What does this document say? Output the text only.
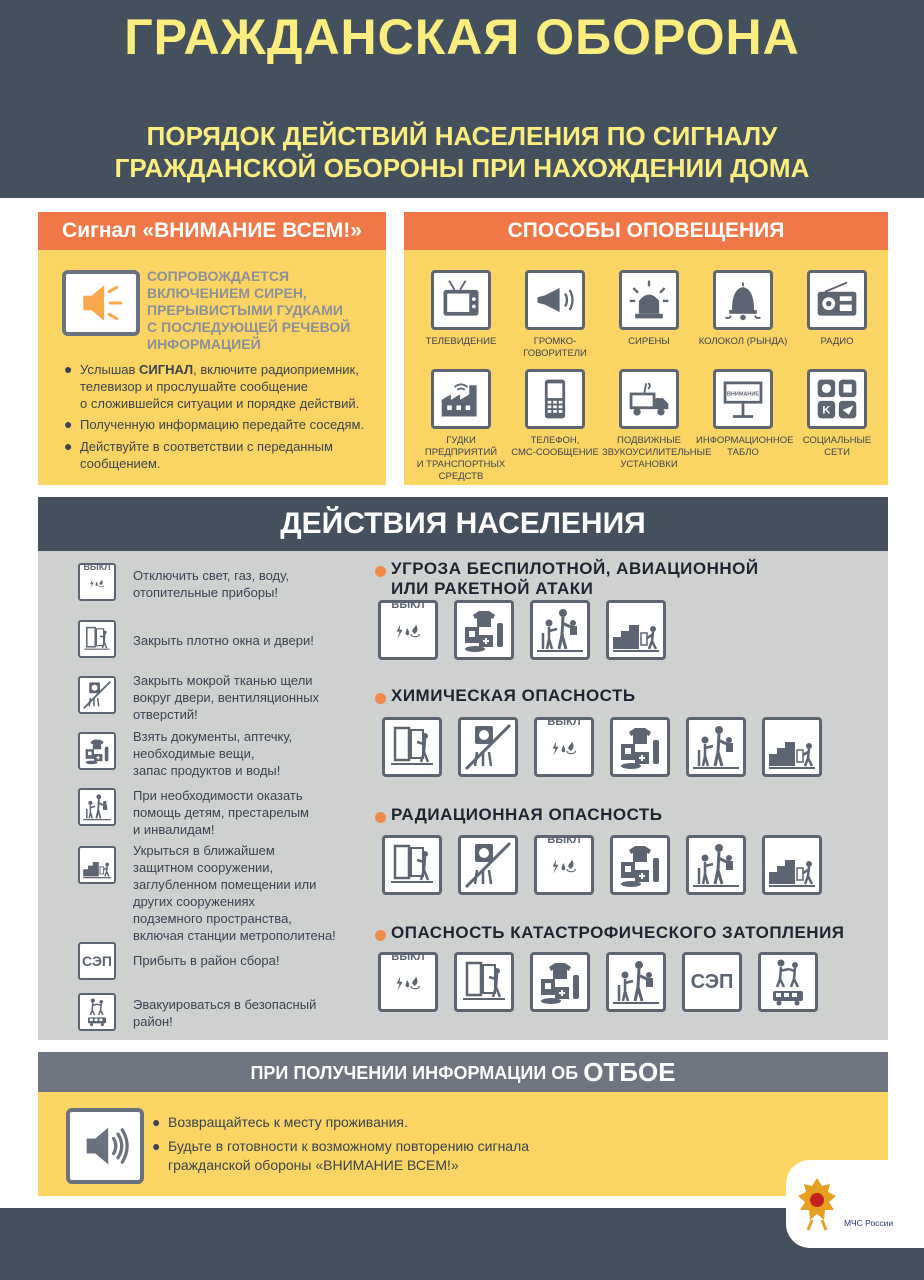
ГРАЖДАНСКАЯ ОБОРОНА
ПОРЯДОК ДЕЙСТВИЙ НАСЕЛЕНИЯ ПО СИГНАЛУ
ГРАЖДАНСКОЙ ОБОРОНЫ ПРИ НАХОЖДЕНИИ ДОМА
Сигнал «ВНИМАНИЕ ВСЕМ!»
СОПРОВОЖДАЕТСЯ
ВКЛЮЧЕНИЕМ СИРЕН,
ПРЕРЫВИСТЫМИ ГУДКАМИ
С ПОСЛЕДУЮЩЕЙ РЕЧЕВОЙ
ИНФОРМАЦИЕЙ
● Услышав СИГНАЛ, включите радиоприемник,
телевизор и прослушайте сообщение
о сложившейся ситуации и порядке действий.
● Полученную информацию передайте соседям.
● Действуйте в соответствии с переданным
сообщением.
СПОСОБЫ ОПОВЕЩЕНИЯ
ТЕЛЕВИДЕНИЕ	ГРОМКО-
ГОВОРИТЕЛИ
СИРЕНЫ	КОЛОКОЛ (РЫНДА)	РАДИО
ГУДКИ ПРЕДПРИЯТИЙ
И ТРАНСПОРТНЫХ
СРЕДСТВ
ТЕЛЕФОН,
СМС-СООБЩЕНИЕ
ПОДВИЖНЫЕ
ЗВУКОУСИЛИТЕЛЬНЫЕ
УСТАНОВКИ
ВНИМАНИЕ
ИНФОРМАЦИОННОЕ
ТАБЛО
K
СОЦИАЛЬНЫЕ
СЕТИ
ДЕЙСТВИЯ НАСЕЛЕНИЯ
ВЫКЛ
Отключить свет, газ, воду,
отопительные приборы!
Закрыть плотно окна и двери!
Закрыть мокрой тканью щели
вокруг двери, вентиляционных
отверстий!
Взять документы, аптечку,
необходимые вещи,
запас продуктов и воды!
При необходимости оказать
помощь детям, престарелым
и инвалидам!
Укрыться в ближайшем
защитном сооружении,
заглубленном помещении или
других сооружениях
подземного пространства,
включая станции метрополитена!
СЭП Прибыть в район сбора!
Эвакуироваться в безопасный
район!
УГРОЗА БЕСПИЛОТНОЙ, АВИАЦИОННОЙ
ИЛИ РАКЕТНОЙ АТАКИ
ВЫКЛ
ХИМИЧЕСКАЯ ОПАСНОСТЬ
ВЫКЛ
РАДИАЦИОННАЯ ОПАСНОСТЬ
ВЫКЛ
ОПАСНОСТЬ КАТАСТРОФИЧЕСКОГО ЗАТОПЛЕНИЯ
ВЫКЛ
СЭП
ПРИ ПОЛУЧЕНИИ ИНФОРМАЦИИ ОБ ОТБОЕ
● Возвращайтесь к месту проживания.
● Будьте в готовности к возможному повторению сигнала
гражданской обороны «ВНИМАНИЕ ВСЕМ!»
МЧС России
